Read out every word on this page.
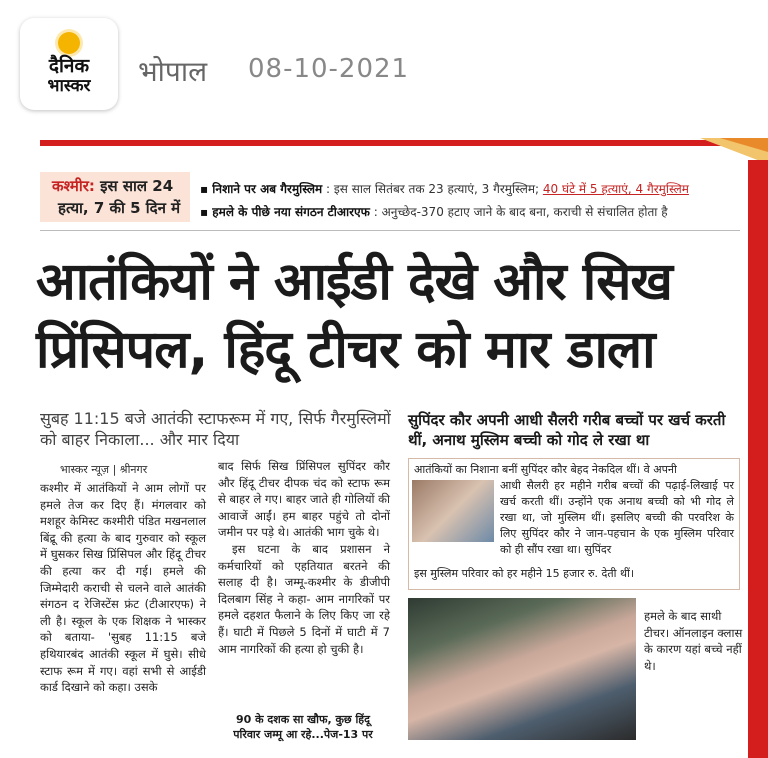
दैनिक
भास्कर भोपाल 08-10-2021
कश्मीर: इस साल 24
हत्या, 7 की 5 दिन में
▪ निशाने पर अब गैरमुस्लिम : इस साल सितंबर तक 23 हत्याएं, 3 गैरमुस्लिम; 40 घंटे में 5 हत्याएं, 4 गैरमुस्लिम
▪ हमले के पीछे नया संगठन टीआरएफ : अनुच्छेद-370 हटाए जाने के बाद बना, कराची से संचालित होता है
आतंकियों ने आईडी देखे और सिख
प्रिंसिपल, हिंदू टीचर को मार डाला
सुबह 11:15 बजे आतंकी स्टाफरूम में गए, सिर्फ गैरमुस्लिमों को बाहर निकाला... और मार दिया
भास्कर न्यूज़ | श्रीनगर

कश्मीर में आतंकियों ने आम लोगों पर हमले तेज कर दिए हैं। मंगलवार को मशहूर केमिस्ट कश्मीरी पंडित मखनलाल बिंद्रू की हत्या के बाद गुरुवार को स्कूल में घुसकर सिख प्रिंसिपल और हिंदू टीचर की हत्या कर दी गई। हमले की जिम्मेदारी कराची से चलने वाले आतंकी संगठन द रेजिस्टेंस फ्रंट (टीआरएफ) ने ली है। स्कूल के एक शिक्षक ने भास्कर को बताया- 'सुबह 11:15 बजे हथियारबंद आतंकी स्कूल में घुसे। सीधे स्टाफ रूम में गए। वहां सभी से आईडी कार्ड दिखाने को कहा। उसके

बाद सिर्फ सिख प्रिंसिपल सुपिंदर कौर और हिंदू टीचर दीपक चंद को स्टाफ रूम से बाहर ले गए। बाहर जाते ही गोलियों की आवाजें आईं। हम बाहर पहुंचे तो दोनों जमीन पर पड़े थे। आतंकी भाग चुके थे।

इस घटना के बाद प्रशासन ने कर्मचारियों को एहतियात बरतने की सलाह दी है। जम्मू-कश्मीर के डीजीपी दिलबाग सिंह ने कहा- आम नागरिकों पर हमले दहशत फैलाने के लिए किए जा रहे हैं। घाटी में पिछले 5 दिनों में घाटी में 7 आम नागरिकों की हत्या हो चुकी है।

90 के दशक सा खौफ, कुछ हिंदू परिवार जम्मू आ रहे...पेज-13 पर
सुपिंदर कौर अपनी आधी सैलरी गरीब बच्चों पर खर्च करती थीं, अनाथ मुस्लिम बच्ची को गोद ले रखा था
आतंकियों का निशाना बनीं सुपिंदर कौर बेहद नेकदिल थीं। वे अपनी
आधी सैलरी हर महीने गरीब बच्चों की पढ़ाई-लिखाई पर खर्च करती थीं। उन्होंने एक अनाथ बच्ची को भी गोद ले रखा था, जो मुस्लिम थीं। इसलिए बच्ची की परवरिश के लिए सुपिंदर कौर ने जान-पहचान के एक मुस्लिम परिवार को ही सौंप रखा था। सुपिंदर
इस मुस्लिम परिवार को हर महीने 15 हजार रु. देती थीं।
हमले के बाद साथी टीचर। ऑनलाइन क्लास के कारण यहां बच्चे नहीं थे।
